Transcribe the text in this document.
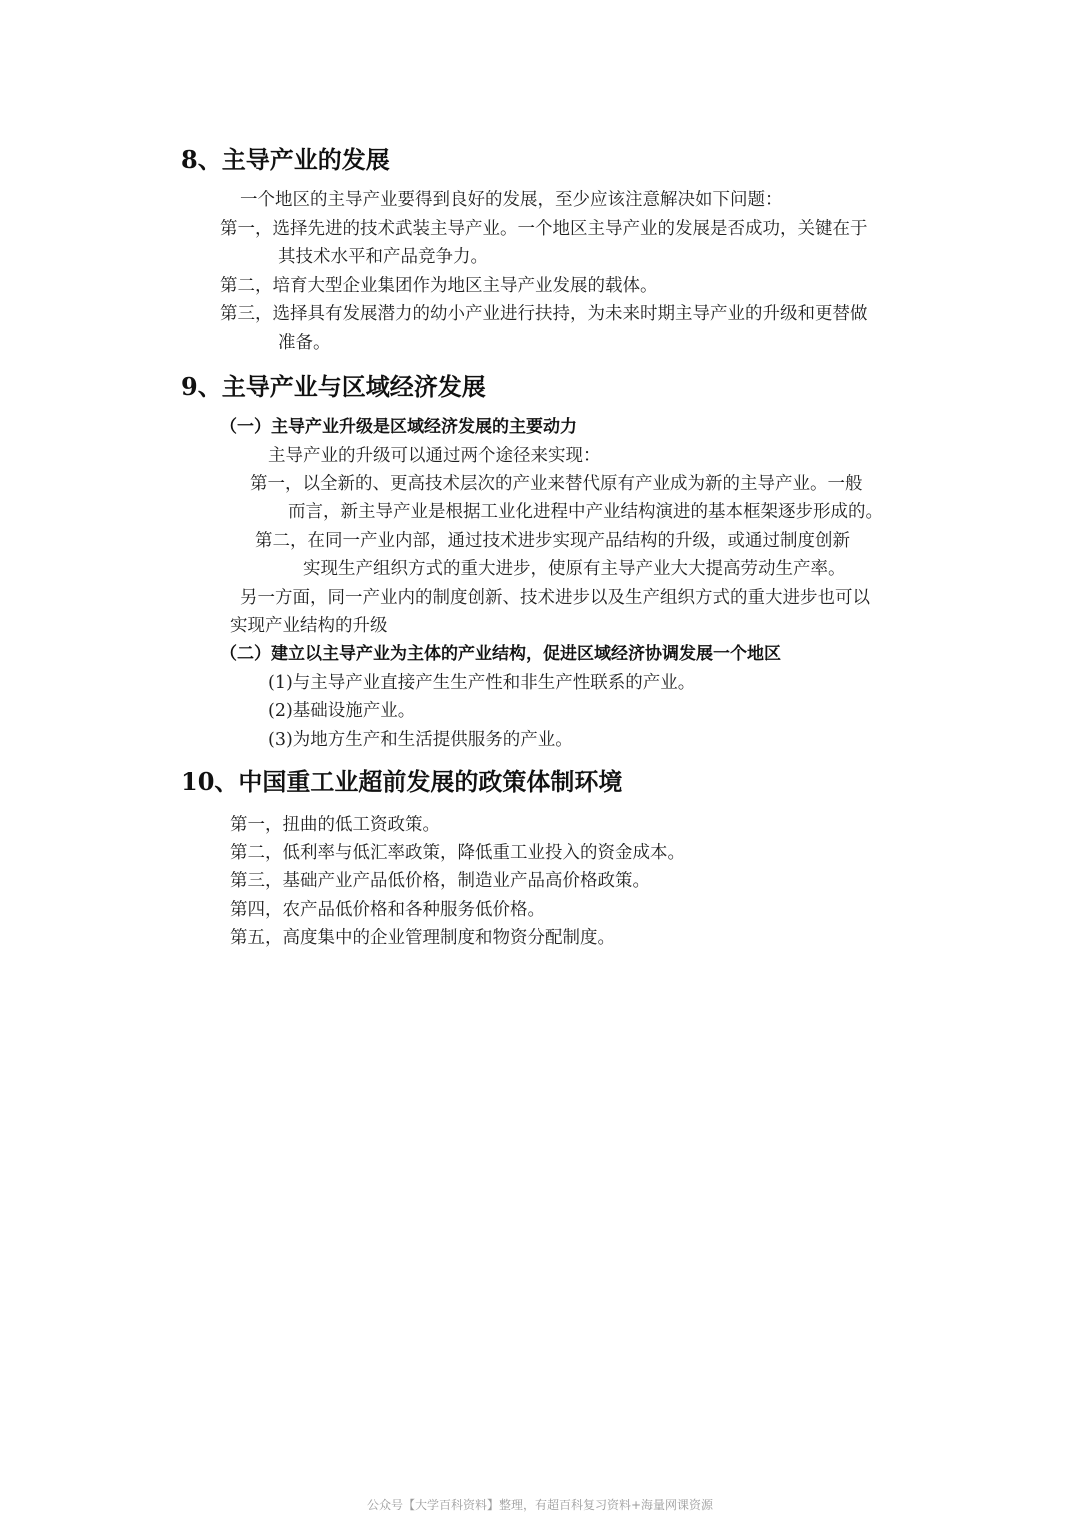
8、主导产业的发展
一个地区的主导产业要得到良好的发展，至少应该注意解决如下问题：
第一，选择先进的技术武装主导产业。一个地区主导产业的发展是否成功，关键在于
其技术水平和产品竞争力。
第二，培育大型企业集团作为地区主导产业发展的载体。
第三，选择具有发展潜力的幼小产业进行扶持，为未来时期主导产业的升级和更替做
准备。
9、主导产业与区域经济发展
（一）主导产业升级是区域经济发展的主要动力
主导产业的升级可以通过两个途径来实现：
第一，以全新的、更高技术层次的产业来替代原有产业成为新的主导产业。一般
而言，新主导产业是根据工业化进程中产业结构演进的基本框架逐步形成的。
第二，在同一产业内部，通过技术进步实现产品结构的升级，或通过制度创新
实现生产组织方式的重大进步，使原有主导产业大大提高劳动生产率。
另一方面，同一产业内的制度创新、技术进步以及生产组织方式的重大进步也可以
实现产业结构的升级
（二）建立以主导产业为主体的产业结构，促进区域经济协调发展一个地区
(1)与主导产业直接产生生产性和非生产性联系的产业。
(2)基础设施产业。
(3)为地方生产和生活提供服务的产业。
10、中国重工业超前发展的政策体制环境
第一，扭曲的低工资政策。
第二，低利率与低汇率政策，降低重工业投入的资金成本。
第三，基础产业产品低价格，制造业产品高价格政策。
第四，农产品低价格和各种服务低价格。
第五，高度集中的企业管理制度和物资分配制度。
公众号【大学百科资料】整理，有超百科复习资料+海量网课资源
